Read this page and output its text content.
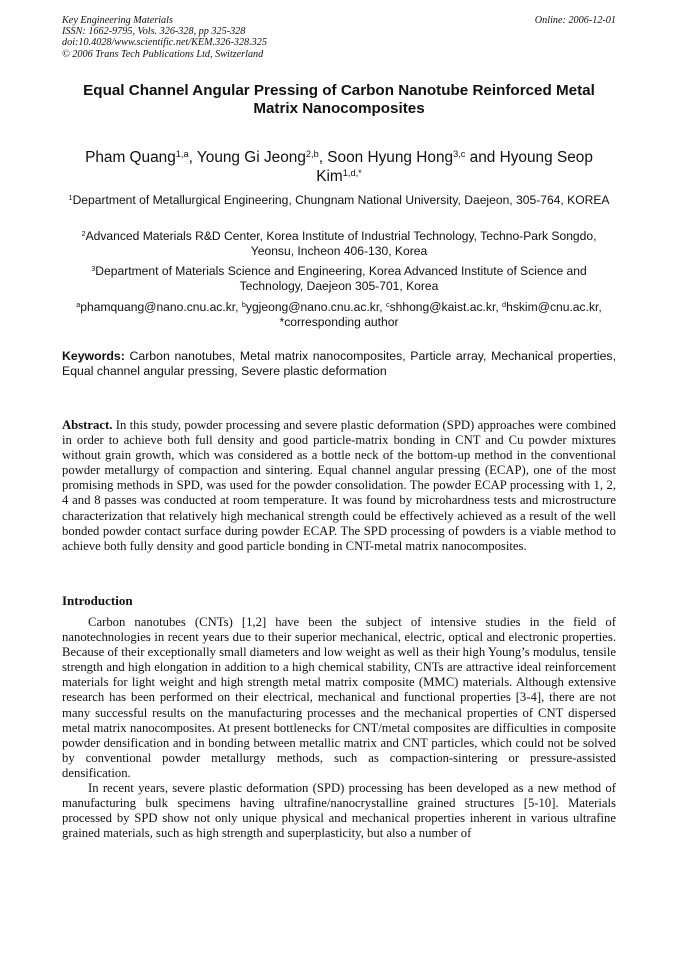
Key Engineering Materials
ISSN: 1662-9795, Vols. 326-328, pp 325-328
doi:10.4028/www.scientific.net/KEM.326-328.325
© 2006 Trans Tech Publications Ltd, Switzerland
Online: 2006-12-01
Equal Channel Angular Pressing of Carbon Nanotube Reinforced Metal Matrix Nanocomposites
Pham Quang$^{1,a}$, Young Gi Jeong$^{2,b}$, Soon Hyung Hong$^{3,c}$ and Hyoung Seop Kim$^{1,d,*}$
$^1$Department of Metallurgical Engineering, Chungnam National University, Daejeon, 305-764, KOREA
$^2$Advanced Materials R&D Center, Korea Institute of Industrial Technology, Techno-Park Songdo, Yeonsu, Incheon 406-130, Korea
$^3$Department of Materials Science and Engineering, Korea Advanced Institute of Science and Technology, Daejeon 305-701, Korea
$^a$phamquang@nano.cnu.ac.kr, $^b$ygjeong@nano.cnu.ac.kr, $^c$shhong@kaist.ac.kr, $^d$hskim@cnu.ac.kr,
*corresponding author
Keywords: Carbon nanotubes, Metal matrix nanocomposites, Particle array, Mechanical properties, Equal channel angular pressing, Severe plastic deformation
Abstract. In this study, powder processing and severe plastic deformation (SPD) approaches were combined in order to achieve both full density and good particle-matrix bonding in CNT and Cu powder mixtures without grain growth, which was considered as a bottle neck of the bottom-up method in the conventional powder metallurgy of compaction and sintering. Equal channel angular pressing (ECAP), one of the most promising methods in SPD, was used for the powder consolidation. The powder ECAP processing with 1, 2, 4 and 8 passes was conducted at room temperature. It was found by microhardness tests and microstructure characterization that relatively high mechanical strength could be effectively achieved as a result of the well bonded powder contact surface during powder ECAP. The SPD processing of powders is a viable method to achieve both fully density and good particle bonding in CNT-metal matrix nanocomposites.
Introduction

Carbon nanotubes (CNTs) [1,2] have been the subject of intensive studies in the field of nanotechnologies in recent years due to their superior mechanical, electric, optical and electronic properties. Because of their exceptionally small diameters and low weight as well as their high Young’s modulus, tensile strength and high elongation in addition to a high chemical stability, CNTs are attractive ideal reinforcement materials for light weight and high strength metal matrix composite (MMC) materials. Although extensive research has been performed on their electrical, mechanical and functional properties [3-4], there are not many successful results on the manufacturing processes and the mechanical properties of CNT dispersed metal matrix nanocomposites. At present bottlenecks for CNT/metal composites are difficulties in composite powder densification and in bonding between metallic matrix and CNT particles, which could not be solved by conventional powder metallurgy methods, such as compaction-sintering or pressure-assisted densification.

In recent years, severe plastic deformation (SPD) processing has been developed as a new method of manufacturing bulk specimens having ultrafine/nanocrystalline grained structures [5-10]. Materials processed by SPD show not only unique physical and mechanical properties inherent in various ultrafine grained materials, such as high strength and superplasticity, but also a number of
